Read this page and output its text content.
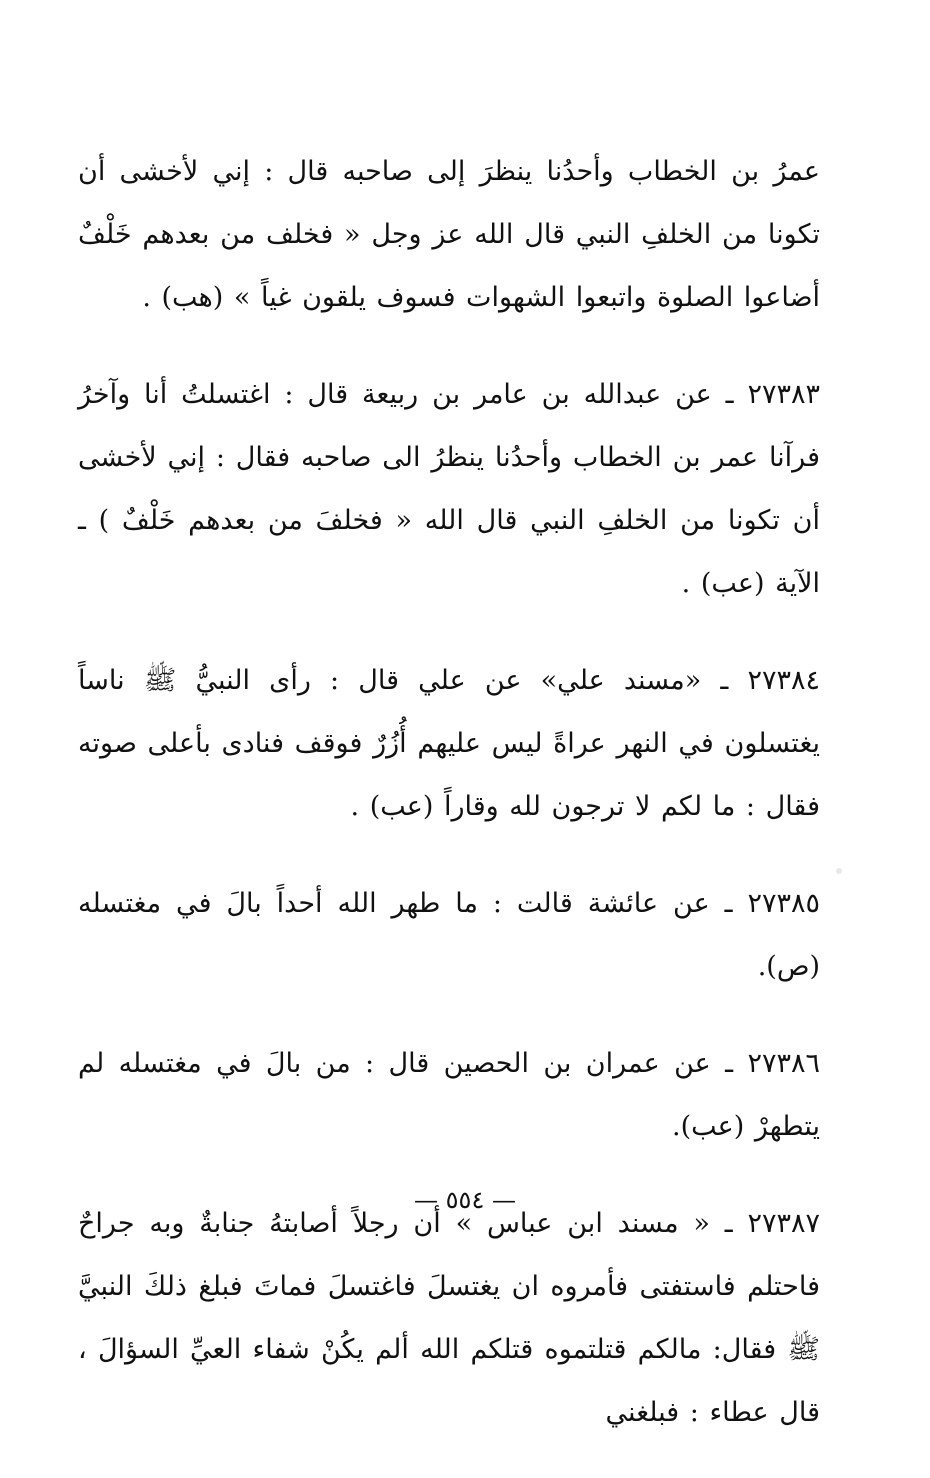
عمرُ بن الخطاب وأحدُنا ينظرَ إلى صاحبه قال : إني لأخشى أن تكونا من الخلفِ النبي قال الله عز وجل « فخلف من بعدهم خَلْفٌ أضاعوا الصلوة واتبعوا الشهوات فسوف يلقون غياً » (هب) .

٢٧٣٨٣ ـ عن عبدالله بن عامر بن ربيعة قال : اغتسلتُ أنا وآخرُ فرآنا عمر بن الخطاب وأحدُنا ينظرُ الى صاحبه فقال : إني لأخشى أن تكونا من الخلفِ النبي قال الله « فخلفَ من بعدهم خَلْفٌ ) ـ الآية (عب) .

٢٧٣٨٤ ـ «مسند علي» عن علي قال : رأى النبيُّ ﷺ ناساً يغتسلون في النهر عراةً ليس عليهم أُزُرٌ فوقف فنادى بأعلى صوته فقال : ما لكم لا ترجون لله وقاراً (عب) .

٢٧٣٨٥ ـ عن عائشة قالت : ما طهر الله أحداً بالَ في مغتسله (ص).

٢٧٣٨٦ ـ عن عمران بن الحصين قال : من بالَ في مغتسله لم يتطهرْ (عب).

٢٧٣٨٧ ـ « مسند ابن عباس » أن رجلاً أصابتهُ جنابةٌ وبه جراحٌ فاحتلم فاستفتى فأمروه ان يغتسلَ فاغتسلَ فماتَ فبلغ ذلكَ النبيَّ ﷺ فقال: مالكم قتلتموه قتلكم الله ألم يكُنْ شفاء العيِّ السؤالَ ، قال عطاء : فبلغني

— ٥٥٤ —
